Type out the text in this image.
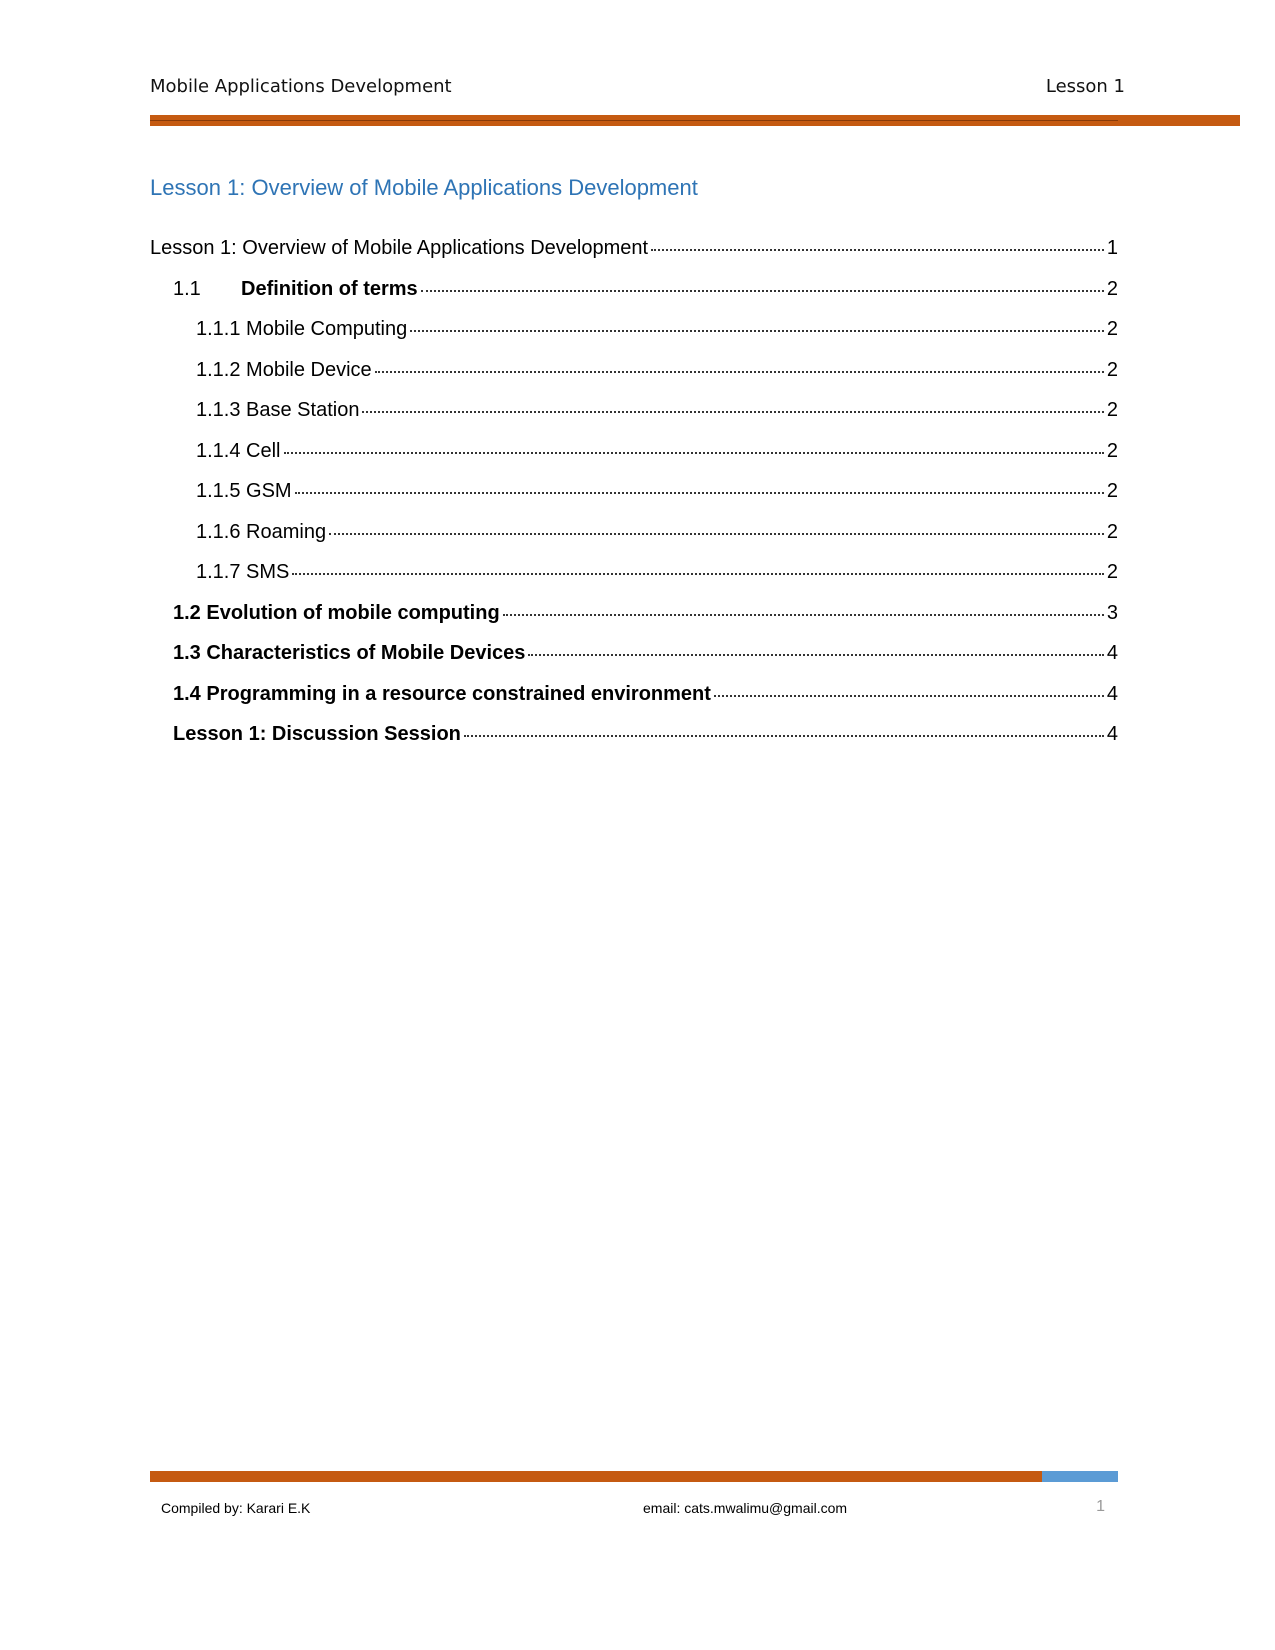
Mobile Applications Development	Lesson 1
Lesson 1: Overview of Mobile Applications Development
Lesson 1: Overview of Mobile Applications Development	1
1.1	Definition of terms	2
1.1.1 Mobile Computing	2
1.1.2 Mobile Device	2
1.1.3 Base Station	2
1.1.4 Cell	2
1.1.5 GSM	2
1.1.6 Roaming	2
1.1.7 SMS	2
1.2 Evolution of mobile computing	3
1.3 Characteristics of Mobile Devices	4
1.4 Programming in a resource constrained environment	4
Lesson 1: Discussion Session	4
Compiled by: Karari E.K	email: cats.mwalimu@gmail.com	1
